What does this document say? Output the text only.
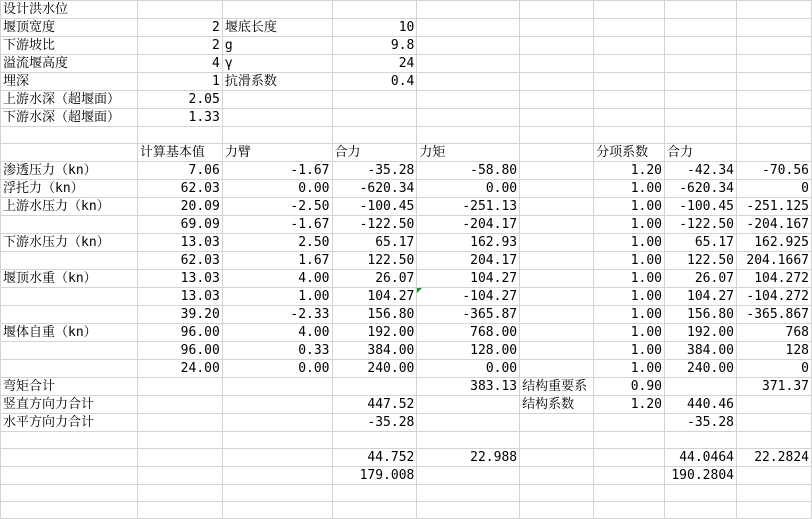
设计洪水位								
堰顶宽度	2	堰底长度	10					
下游坡比	2	g	9.8					
溢流堰高度	4	γ	24					
埋深	1	抗滑系数	0.4					
上游水深（超堰面）	2.05							
下游水深（超堰面）	1.33							

	计算基本值	力臂	合力	力矩		分项系数	合力	
渗透压力（kn）	7.06	-1.67	-35.28	-58.80		1.20	-42.34	-70.56
浮托力（kn）	62.03	0.00	-620.34	0.00		1.00	-620.34	0
上游水压力（kn）	20.09	-2.50	-100.45	-251.13		1.00	-100.45	-251.125
	69.09	-1.67	-122.50	-204.17		1.00	-122.50	-204.167
下游水压力（kn）	13.03	2.50	65.17	162.93		1.00	65.17	162.925
	62.03	1.67	122.50	204.17		1.00	122.50	204.1667
堰顶水重（kn）	13.03	4.00	26.07	104.27		1.00	26.07	104.272
	13.03	1.00	104.27	-104.27		1.00	104.27	-104.272
	39.20	-2.33	156.80	-365.87		1.00	156.80	-365.867
堰体自重（kn）	96.00	4.00	192.00	768.00		1.00	192.00	768
	96.00	0.33	384.00	128.00		1.00	384.00	128
	24.00	0.00	240.00	0.00		1.00	240.00	0
弯矩合计				383.13	结构重要系	0.90		371.37
竖直方向力合计			447.52		结构系数	1.20	440.46	
水平方向力合计			-35.28				-35.28	

			44.752	22.988			44.0464	22.2824
			179.008				190.2804	
